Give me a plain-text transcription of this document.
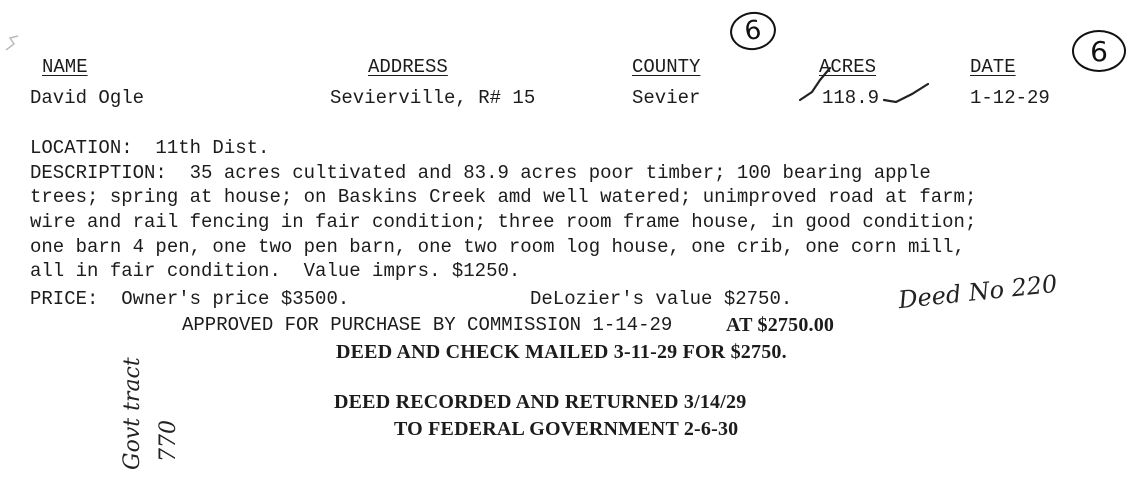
NAME	ADDRESS	COUNTY	ACRES	DATE
David Ogle	Sevierville, R# 15	Sevier	118.9	1-12-29
6
6
LOCATION:  11th Dist.
DESCRIPTION:  35 acres cultivated and 83.9 acres poor timber; 100 bearing apple
trees; spring at house; on Baskins Creek amd well watered; unimproved road at farm;
wire and rail fencing in fair condition; three room frame house, in good condition;
one barn 4 pen, one two pen barn, one two room log house, one crib, one corn mill,
all in fair condition.  Value imprs. $1250.
PRICE:  Owner's price $3500.	DeLozier's value $2750.	Deed No 220
APPROVED FOR PURCHASE BY COMMISSION 1-14-29	AT $2750.00
DEED AND CHECK MAILED 3-11-29 FOR $2750.
DEED RECORDED AND RETURNED 3/14/29
TO FEDERAL GOVERNMENT 2-6-30
Govt tract 770
